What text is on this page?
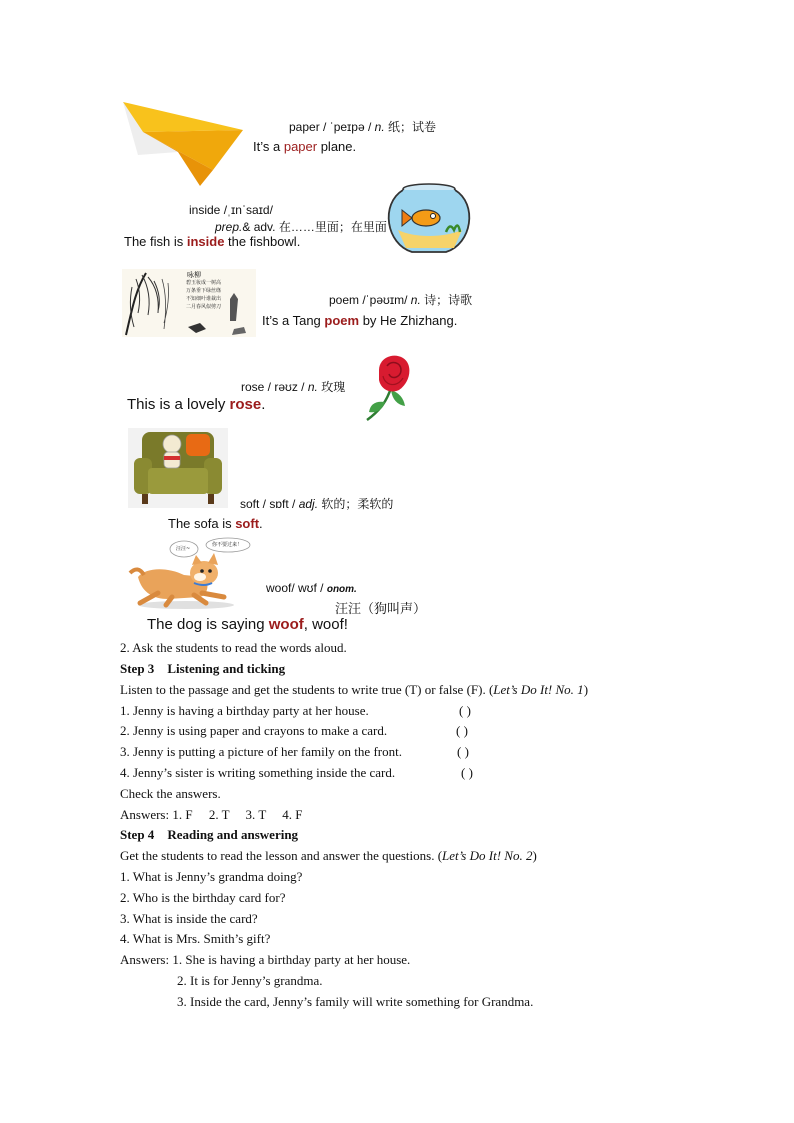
paper / ˈpeɪpə / n. 纸；试卷
It’s a paper plane.
inside /ˌɪnˈsaɪd/
prep.& adv. 在……里面；在里面
The fish is inside the fishbowl.
咏柳
碧玉妆成一树高
万条垂下绿丝绦
不知细叶谁裁出
二月春风似剪刀	poem /ˈpəʊɪm/ n. 诗；诗歌
It’s a Tang poem by He Zhizhang.
rose / rəʊz / n. 玫瑰
This is a lovely rose.
soft / sɒft / adj. 软的；柔软的
The sofa is soft.
汪汪~
你不要过来！
woof/ wʊf / onom.
汪汪（狗叫声）
The dog is saying woof, woof!
2. Ask the students to read the words aloud.
Step 3 Listening and ticking
Listen to the passage and get the students to write true (T) or false (F). (Let’s Do It! No. 1)
1. Jenny is having a birthday party at her house.	( )
2. Jenny is using paper and crayons to make a card.	( )
3. Jenny is putting a picture of her family on the front.	( )
4. Jenny’s sister is writing something inside the card.	( )
Check the answers.
Answers: 1. F     2. T     3. T     4. F
Step 4 Reading and answering
Get the students to read the lesson and answer the questions. (Let’s Do It! No. 2)
1. What is Jenny’s grandma doing?
2. Who is the birthday card for?
3. What is inside the card?
4. What is Mrs. Smith’s gift?
Answers: 1. She is having a birthday party at her house.
2. It is for Jenny’s grandma.
3. Inside the card, Jenny’s family will write something for Grandma.
